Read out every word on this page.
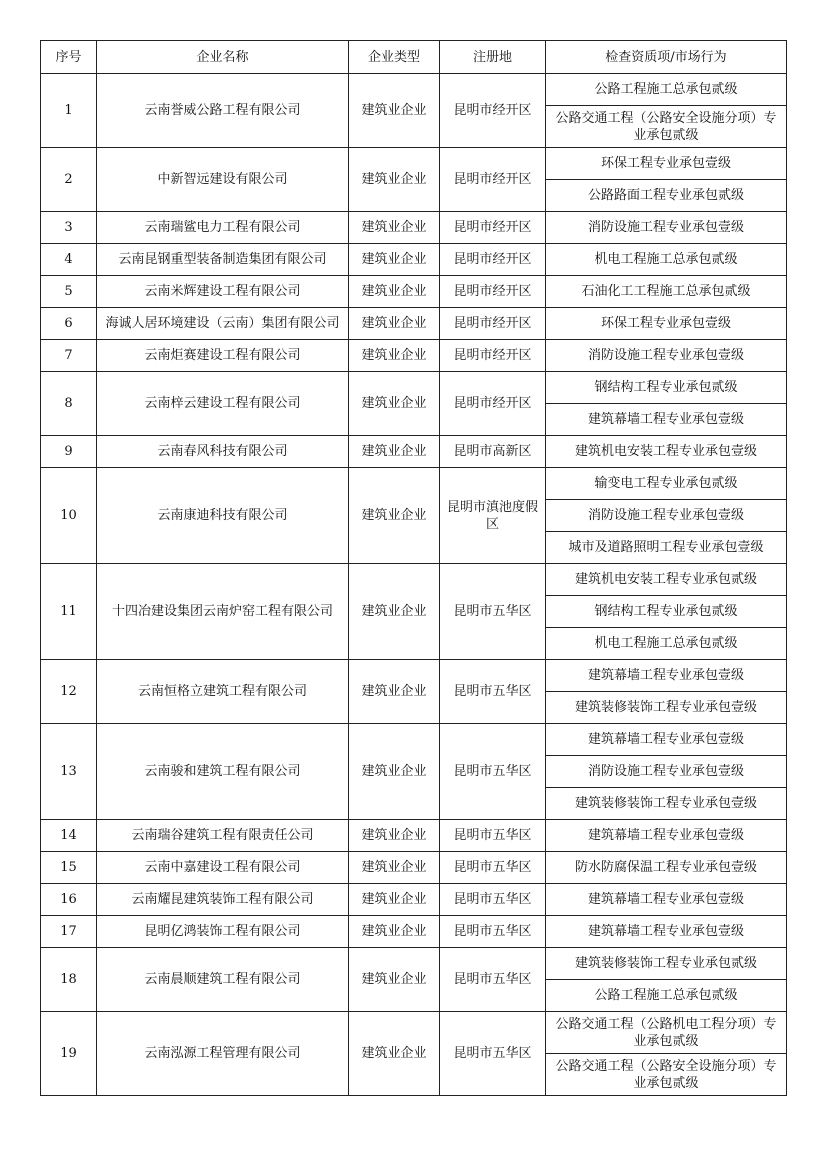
序号	企业名称	企业类型	注册地	检查资质项/市场行为
1	云南誉威公路工程有限公司	建筑业企业	昆明市经开区	公路工程施工总承包贰级
				公路交通工程（公路安全设施分项）专业承包贰级
2	中新智远建设有限公司	建筑业企业	昆明市经开区	环保工程专业承包壹级
				公路路面工程专业承包贰级
3	云南瑞鲨电力工程有限公司	建筑业企业	昆明市经开区	消防设施工程专业承包壹级
4	云南昆钢重型装备制造集团有限公司	建筑业企业	昆明市经开区	机电工程施工总承包贰级
5	云南米辉建设工程有限公司	建筑业企业	昆明市经开区	石油化工工程施工总承包贰级
6	海诚人居环境建设（云南）集团有限公司	建筑业企业	昆明市经开区	环保工程专业承包壹级
7	云南炬赛建设工程有限公司	建筑业企业	昆明市经开区	消防设施工程专业承包壹级
8	云南梓云建设工程有限公司	建筑业企业	昆明市经开区	钢结构工程专业承包贰级
				建筑幕墙工程专业承包壹级
9	云南春风科技有限公司	建筑业企业	昆明市高新区	建筑机电安装工程专业承包壹级
10	云南康迪科技有限公司	建筑业企业	昆明市滇池度假区	输变电工程专业承包贰级
				消防设施工程专业承包壹级
				城市及道路照明工程专业承包壹级
11	十四冶建设集团云南炉窑工程有限公司	建筑业企业	昆明市五华区	建筑机电安装工程专业承包贰级
				钢结构工程专业承包贰级
				机电工程施工总承包贰级
12	云南恒格立建筑工程有限公司	建筑业企业	昆明市五华区	建筑幕墙工程专业承包壹级
				建筑装修装饰工程专业承包壹级
13	云南骏和建筑工程有限公司	建筑业企业	昆明市五华区	建筑幕墙工程专业承包壹级
				消防设施工程专业承包壹级
				建筑装修装饰工程专业承包壹级
14	云南瑞谷建筑工程有限责任公司	建筑业企业	昆明市五华区	建筑幕墙工程专业承包壹级
15	云南中嘉建设工程有限公司	建筑业企业	昆明市五华区	防水防腐保温工程专业承包壹级
16	云南耀昆建筑装饰工程有限公司	建筑业企业	昆明市五华区	建筑幕墙工程专业承包壹级
17	昆明亿鸿装饰工程有限公司	建筑业企业	昆明市五华区	建筑幕墙工程专业承包壹级
18	云南晨顺建筑工程有限公司	建筑业企业	昆明市五华区	建筑装修装饰工程专业承包贰级
				公路工程施工总承包贰级
19	云南泓源工程管理有限公司	建筑业企业	昆明市五华区	公路交通工程（公路机电工程分项）专业承包贰级
				公路交通工程（公路安全设施分项）专业承包贰级
